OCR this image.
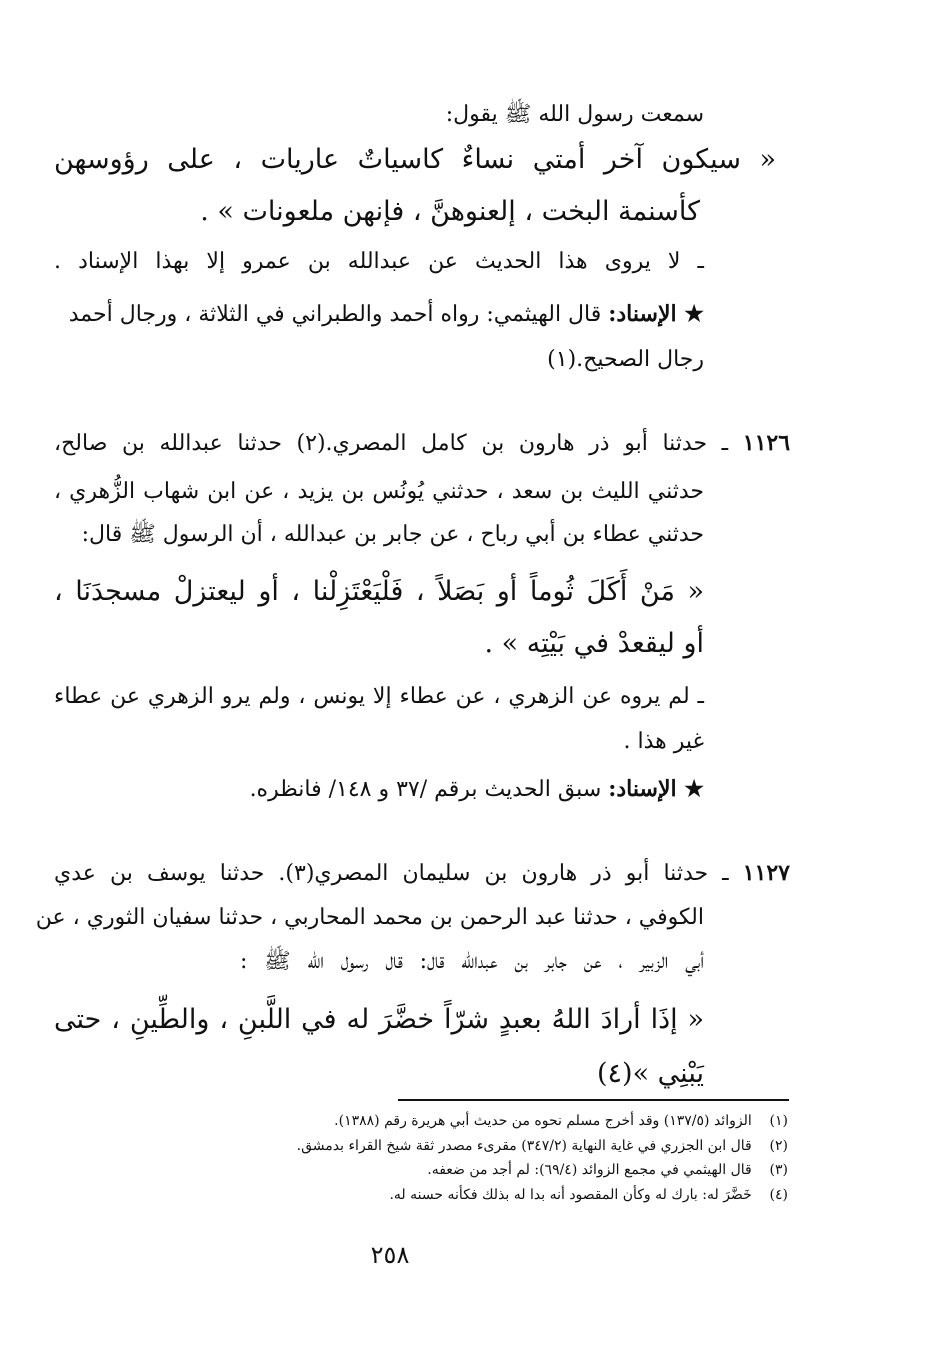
سمعت رسول الله ﷺ يقول:
« سيكون آخر أمتي نساءٌ كاسياتٌ عاريات ، على رؤوسهن
كأسنمة البخت ، إلعنوهنَّ ، فإنهن ملعونات » .
ـ لا يروى هذا الحديث عن عبدالله بن عمرو إلا بهذا الإسناد .
★ الإسناد: قال الهيثمي: رواه أحمد والطبراني في الثلاثة ، ورجال أحمد
رجال الصحيح.(١)
١١٢٦ ـ حدثنا أبو ذر هارون بن كامل المصري.(٢) حدثنا عبدالله بن صالح،
حدثني الليث بن سعد ، حدثني يُونُس بن يزيد ، عن ابن شهاب الزُّهري ،
حدثني عطاء بن أبي رباح ، عن جابر بن عبدالله ، أن الرسول ﷺ قال:
« مَنْ أَكَلَ ثُوماً أو بَصَلاً ، فَلْيَعْتَزِلْنا ، أو ليعتزلْ مسجدَنَا ،
أو ليقعدْ في بَيْتِه » .
ـ لم يروه عن الزهري ، عن عطاء إلا يونس ، ولم يرو الزهري عن عطاء
غير هذا .
★ الإسناد: سبق الحديث برقم /٣٧ و ١٤٨/ فانظره.
١١٢٧ ـ حدثنا أبو ذر هارون بن سليمان المصري(٣). حدثنا يوسف بن عدي
الكوفي ، حدثنا عبد الرحمن بن محمد المحاربي ، حدثنا سفيان الثوري ، عن
أبي الزبير ، عن جابر بن عبدالله قال: قال رسول الله ﷺ :
« إذَا أرادَ اللهُ بعبدٍ شرّاً خضَّرَ له في اللَّبنِ ، والطِّينِ ، حتى
يَبْنِي »(٤)
(١)    الزوائد (١٣٧/٥) وقد أخرج مسلم نحوه من حديث أبي هريرة رقم (١٣٨٨).
(٢)    قال ابن الجزري في غاية النهاية (٣٤٧/٢) مقرىء مصدر ثقة شيخ القراء بدمشق.
(٣)    قال الهيثمي في مجمع الزوائد (٦٩/٤): لم أجد من ضعفه.
(٤)    خَضَّرَ له: بارك له وكأن المقصود أنه بدا له بذلك فكأنه حسنه له.
٢٥٨
